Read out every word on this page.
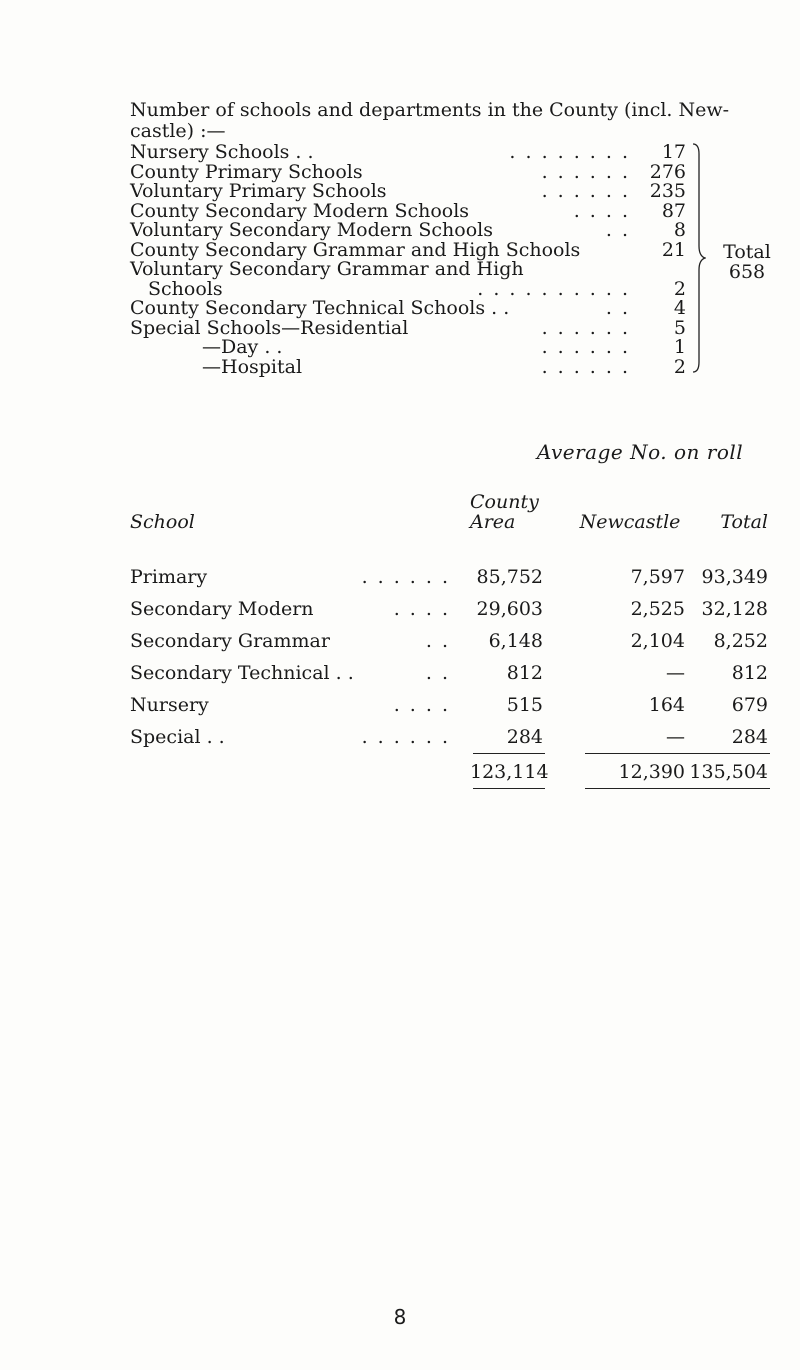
Number of schools and departments in the County (incl. New-castle) :—
Nursery Schools . .	. . . . . . . .	17
County Primary Schools	. . . . . .	276
Voluntary Primary Schools	. . . . . .	235
County Secondary Modern Schools	. . . .	87
Voluntary Secondary Modern Schools	. .	8
County Secondary Grammar and High Schools	21
Voluntary Secondary Grammar and High
Schools	. . . . . . . . . .	2
County Secondary Technical Schools . .	. .	4
Special Schools—Residential	. . . . . .	5
—Day . .	. . . . . .	1
—Hospital	. . . . . .	2
Total
658
Average No. on roll
School
County Area	Newcastle	Total
Primary	. . . . . .	85,752	7,597 93,349
Secondary Modern	. . . .	29,603	2,525 32,128
Secondary Grammar	. .	6,148	2,104	8,252
Secondary Technical . .	. .	812	—	812
Nursery	. . . .	515	164	679
Special . .	. . . . . .	284	—	284
123,114	12,390 135,504
8
